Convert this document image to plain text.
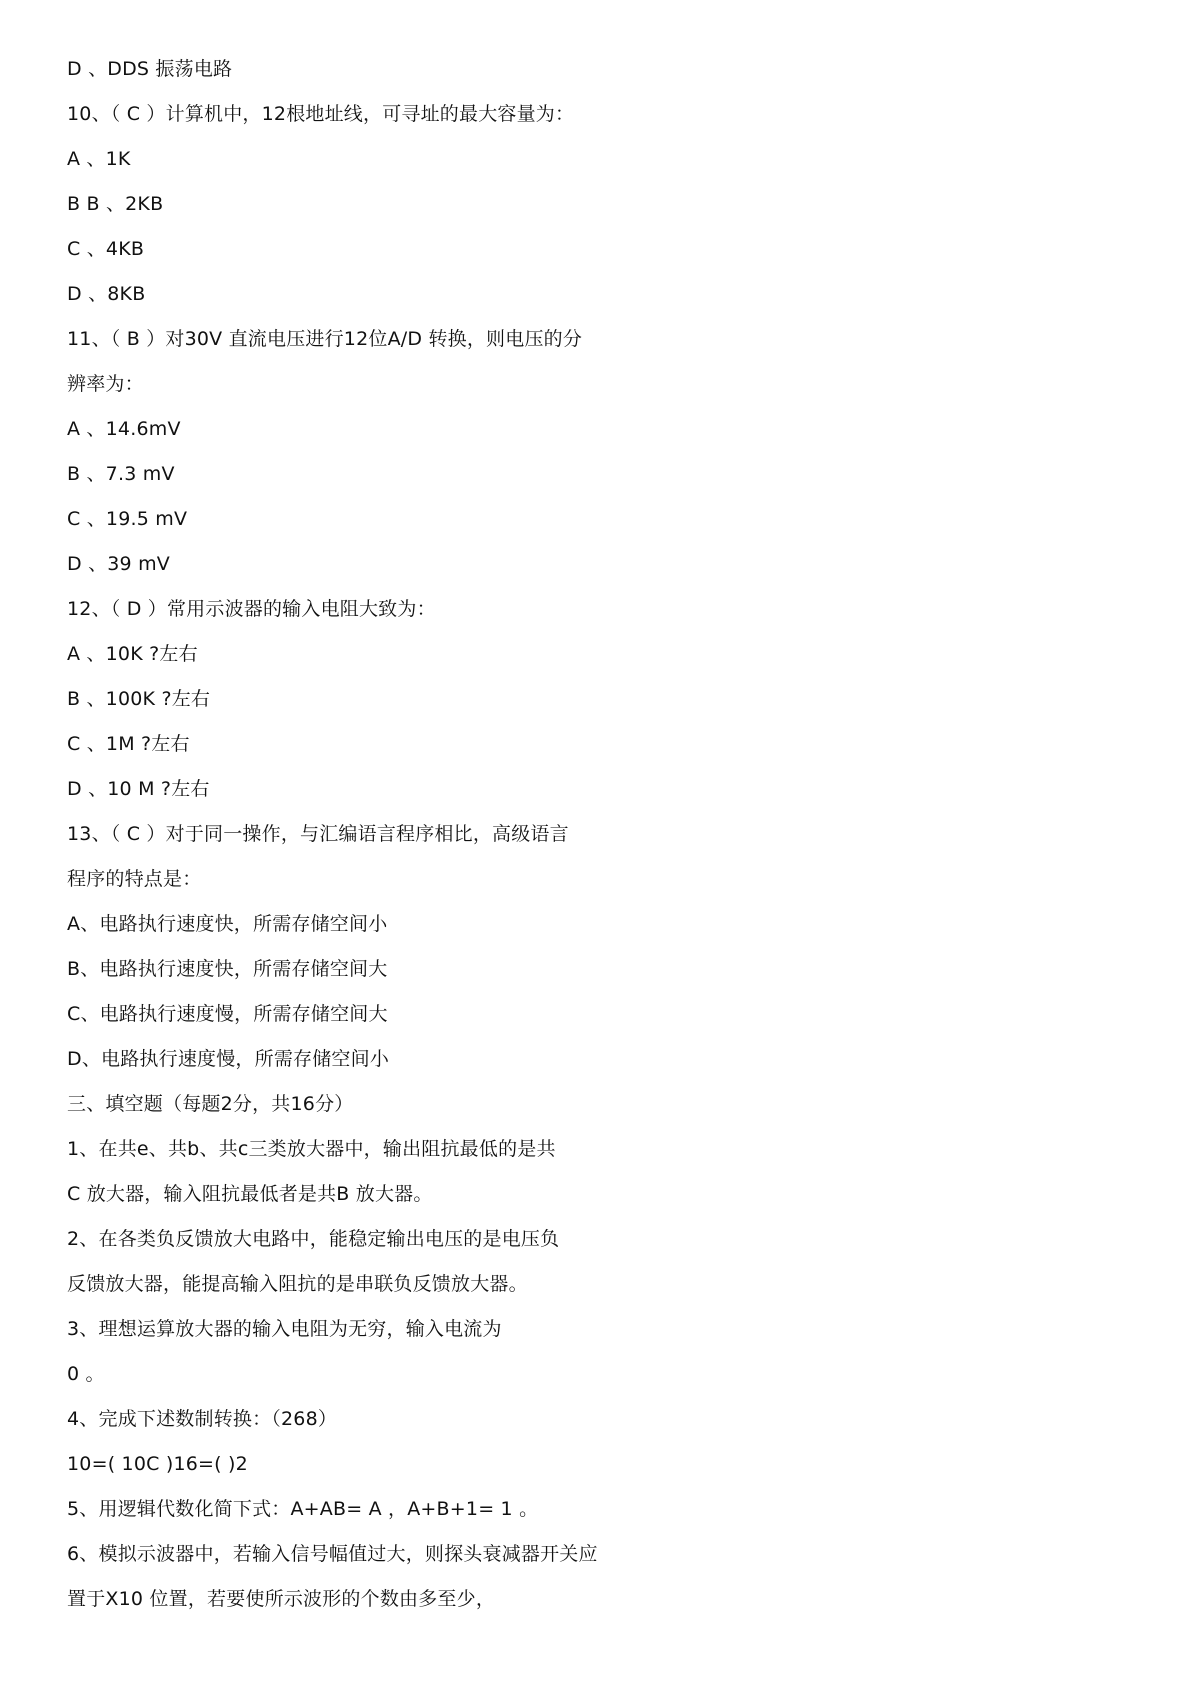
D 、DDS 振荡电路

10、（ C ）计算机中，12根地址线，可寻址的最大容量为：

A 、1K

B B 、2KB

C 、4KB

D 、8KB

11、（ B ）对30V 直流电压进行12位A/D 转换，则电压的分

辨率为：

A 、14.6mV

B 、7.3 mV

C 、19.5 mV

D 、39 mV

12、（ D ）常用示波器的输入电阻大致为：

A 、10K ?左右

B 、100K ?左右

C 、1M ?左右

D 、10 M ?左右

13、（ C ）对于同一操作，与汇编语言程序相比，高级语言

程序的特点是：

A、电路执行速度快，所需存储空间小

B、电路执行速度快，所需存储空间大

C、电路执行速度慢，所需存储空间大

D、电路执行速度慢，所需存储空间小

三、填空题（每题2分，共16分）

1、在共e、共b、共c三类放大器中，输出阻抗最低的是共

C 放大器，输入阻抗最低者是共B 放大器。

2、在各类负反馈放大电路中，能稳定输出电压的是电压负

反馈放大器，能提高输入阻抗的是串联负反馈放大器。

3、理想运算放大器的输入电阻为无穷，输入电流为

0 。

4、完成下述数制转换：（268）

10=( 10C )16=( )2

5、用逻辑代数化简下式：A+AB= A ，A+B+1= 1 。

6、模拟示波器中，若输入信号幅值过大，则探头衰减器开关应

置于X10 位置，若要使所示波形的个数由多至少，
